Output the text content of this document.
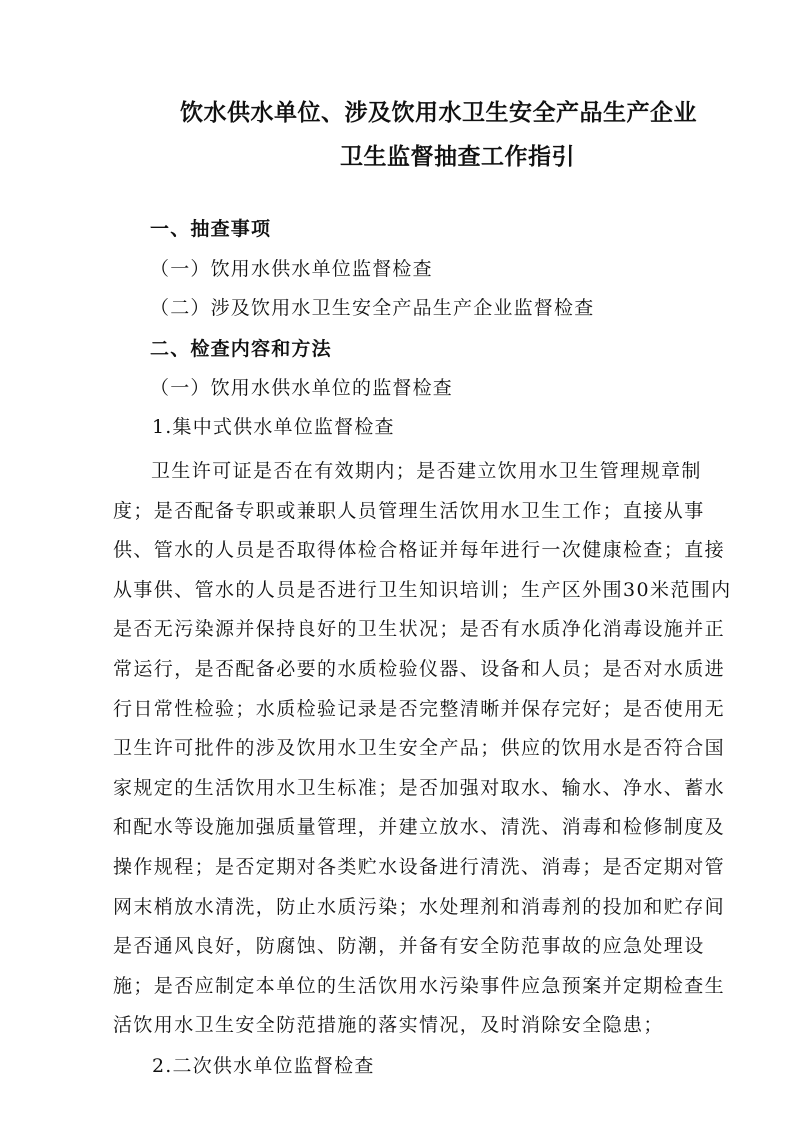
饮水供水单位、涉及饮用水卫生安全产品生产企业
卫生监督抽查工作指引
一、抽查事项
（一）饮用水供水单位监督检查
（二）涉及饮用水卫生安全产品生产企业监督检查
二、检查内容和方法
（一）饮用水供水单位的监督检查
1.集中式供水单位监督检查
卫生许可证是否在有效期内；是否建立饮用水卫生管理规章制
度；是否配备专职或兼职人员管理生活饮用水卫生工作；直接从事
供、管水的人员是否取得体检合格证并每年进行一次健康检查；直接
从事供、管水的人员是否进行卫生知识培训；生产区外围30米范围内
是否无污染源并保持良好的卫生状况；是否有水质净化消毒设施并正
常运行，是否配备必要的水质检验仪器、设备和人员；是否对水质进
行日常性检验；水质检验记录是否完整清晰并保存完好；是否使用无
卫生许可批件的涉及饮用水卫生安全产品；供应的饮用水是否符合国
家规定的生活饮用水卫生标准；是否加强对取水、输水、净水、蓄水
和配水等设施加强质量管理，并建立放水、清洗、消毒和检修制度及
操作规程；是否定期对各类贮水设备进行清洗、消毒；是否定期对管
网末梢放水清洗，防止水质污染；水处理剂和消毒剂的投加和贮存间
是否通风良好，防腐蚀、防潮，并备有安全防范事故的应急处理设
施；是否应制定本单位的生活饮用水污染事件应急预案并定期检查生
活饮用水卫生安全防范措施的落实情况，及时消除安全隐患；
2.二次供水单位监督检查
